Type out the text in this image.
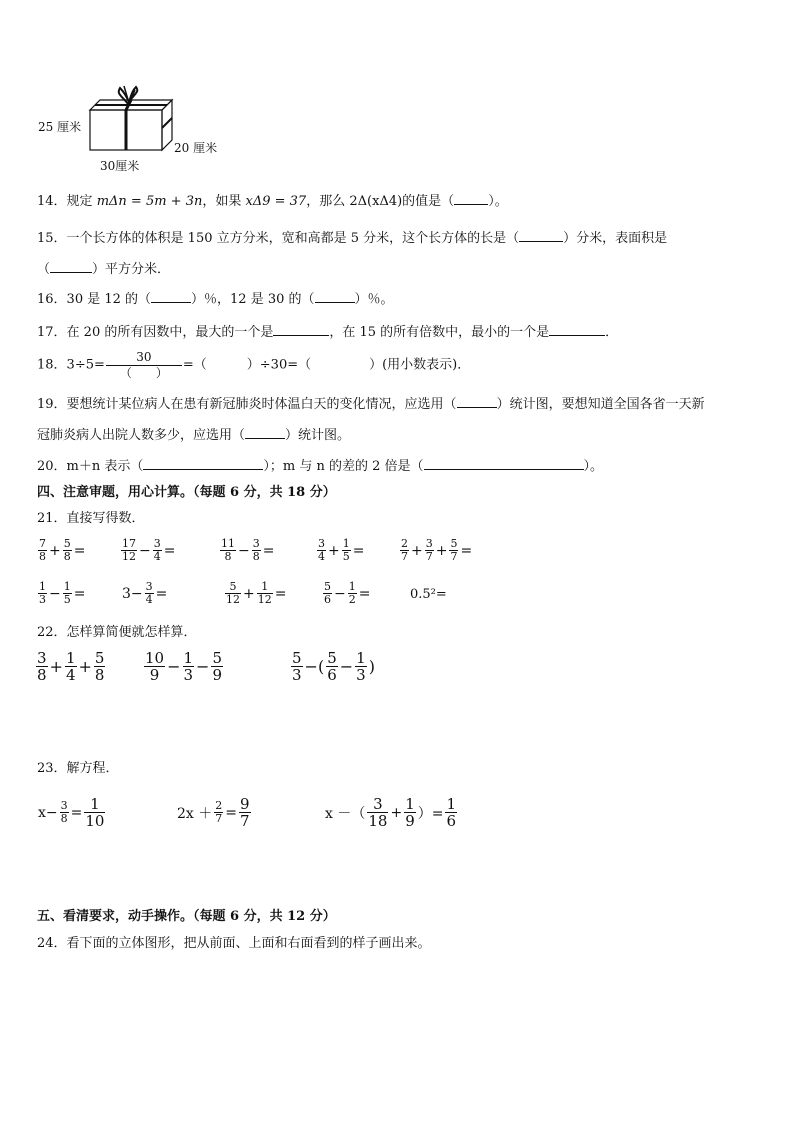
25 厘米
20 厘米
30厘米
14．规定 mΔn = 5m + 3n，如果 xΔ9 = 37，那么 2Δ(xΔ4)的值是（	）。
15．一个长方体的体积是 150 立方分米，宽和高都是 5 分米，这个长方体的长是（	）分米，表面积是
（	）平方分米．
16．30 是 12 的（	）％，12 是 30 的（	）％。
17．在 20 的所有因数中，最大的一个是	，在 15 的所有倍数中，最小的一个是	．
18．$3\div 5= \frac{30}{( )}$ =（	）÷30=（	）(用小数表示)．
19．要想统计某位病人在患有新冠肺炎时体温白天的变化情况，应选用（	）统计图，要想知道全国各省一天新
冠肺炎病人出院人数多少，应选用（	）统计图。
20．m＋n 表示（	）；m 与 n 的差的 2 倍是（	）。
四、注意审题，用心计算。（每题 6 分，共 18 分）
21．直接写得数．
$\frac{7}{8} + \frac{5}{8}$ =	$\frac{17}{12} - \frac{3}{4}$ =	$\frac{11}{8} - \frac{3}{8}$ =	$\frac{3}{4} + \frac{1}{5}$ =	$\frac{2}{7} + \frac{3}{7} + \frac{5}{7}$ =
$\frac{1}{3} - \frac{1}{5}$ =	$3- \frac{3}{4}$ =	$\frac{5}{12} + \frac{1}{12}$ =	$\frac{5}{6} - \frac{1}{2}$ =	0.5²=
22．怎样算简便就怎样算．
$\frac{3}{8} + \frac{1}{4} + \frac{5}{8}$	$\frac{10}{9} - \frac{1}{3} - \frac{5}{9}$	$\frac{5}{3}$ −( $\frac{5}{6} - \frac{1}{3}$ )
23．解方程．
$x- \frac{3}{8} = \frac{1}{10}$	$2x + \frac{2}{7} = \frac{9}{7}$	x －（ $\frac{3}{18} + \frac{1}{9}$ ）= $\frac{1}{6}$
五、看清要求，动手操作。（每题 6 分，共 12 分）
24．看下面的立体图形，把从前面、上面和右面看到的样子画出来。
